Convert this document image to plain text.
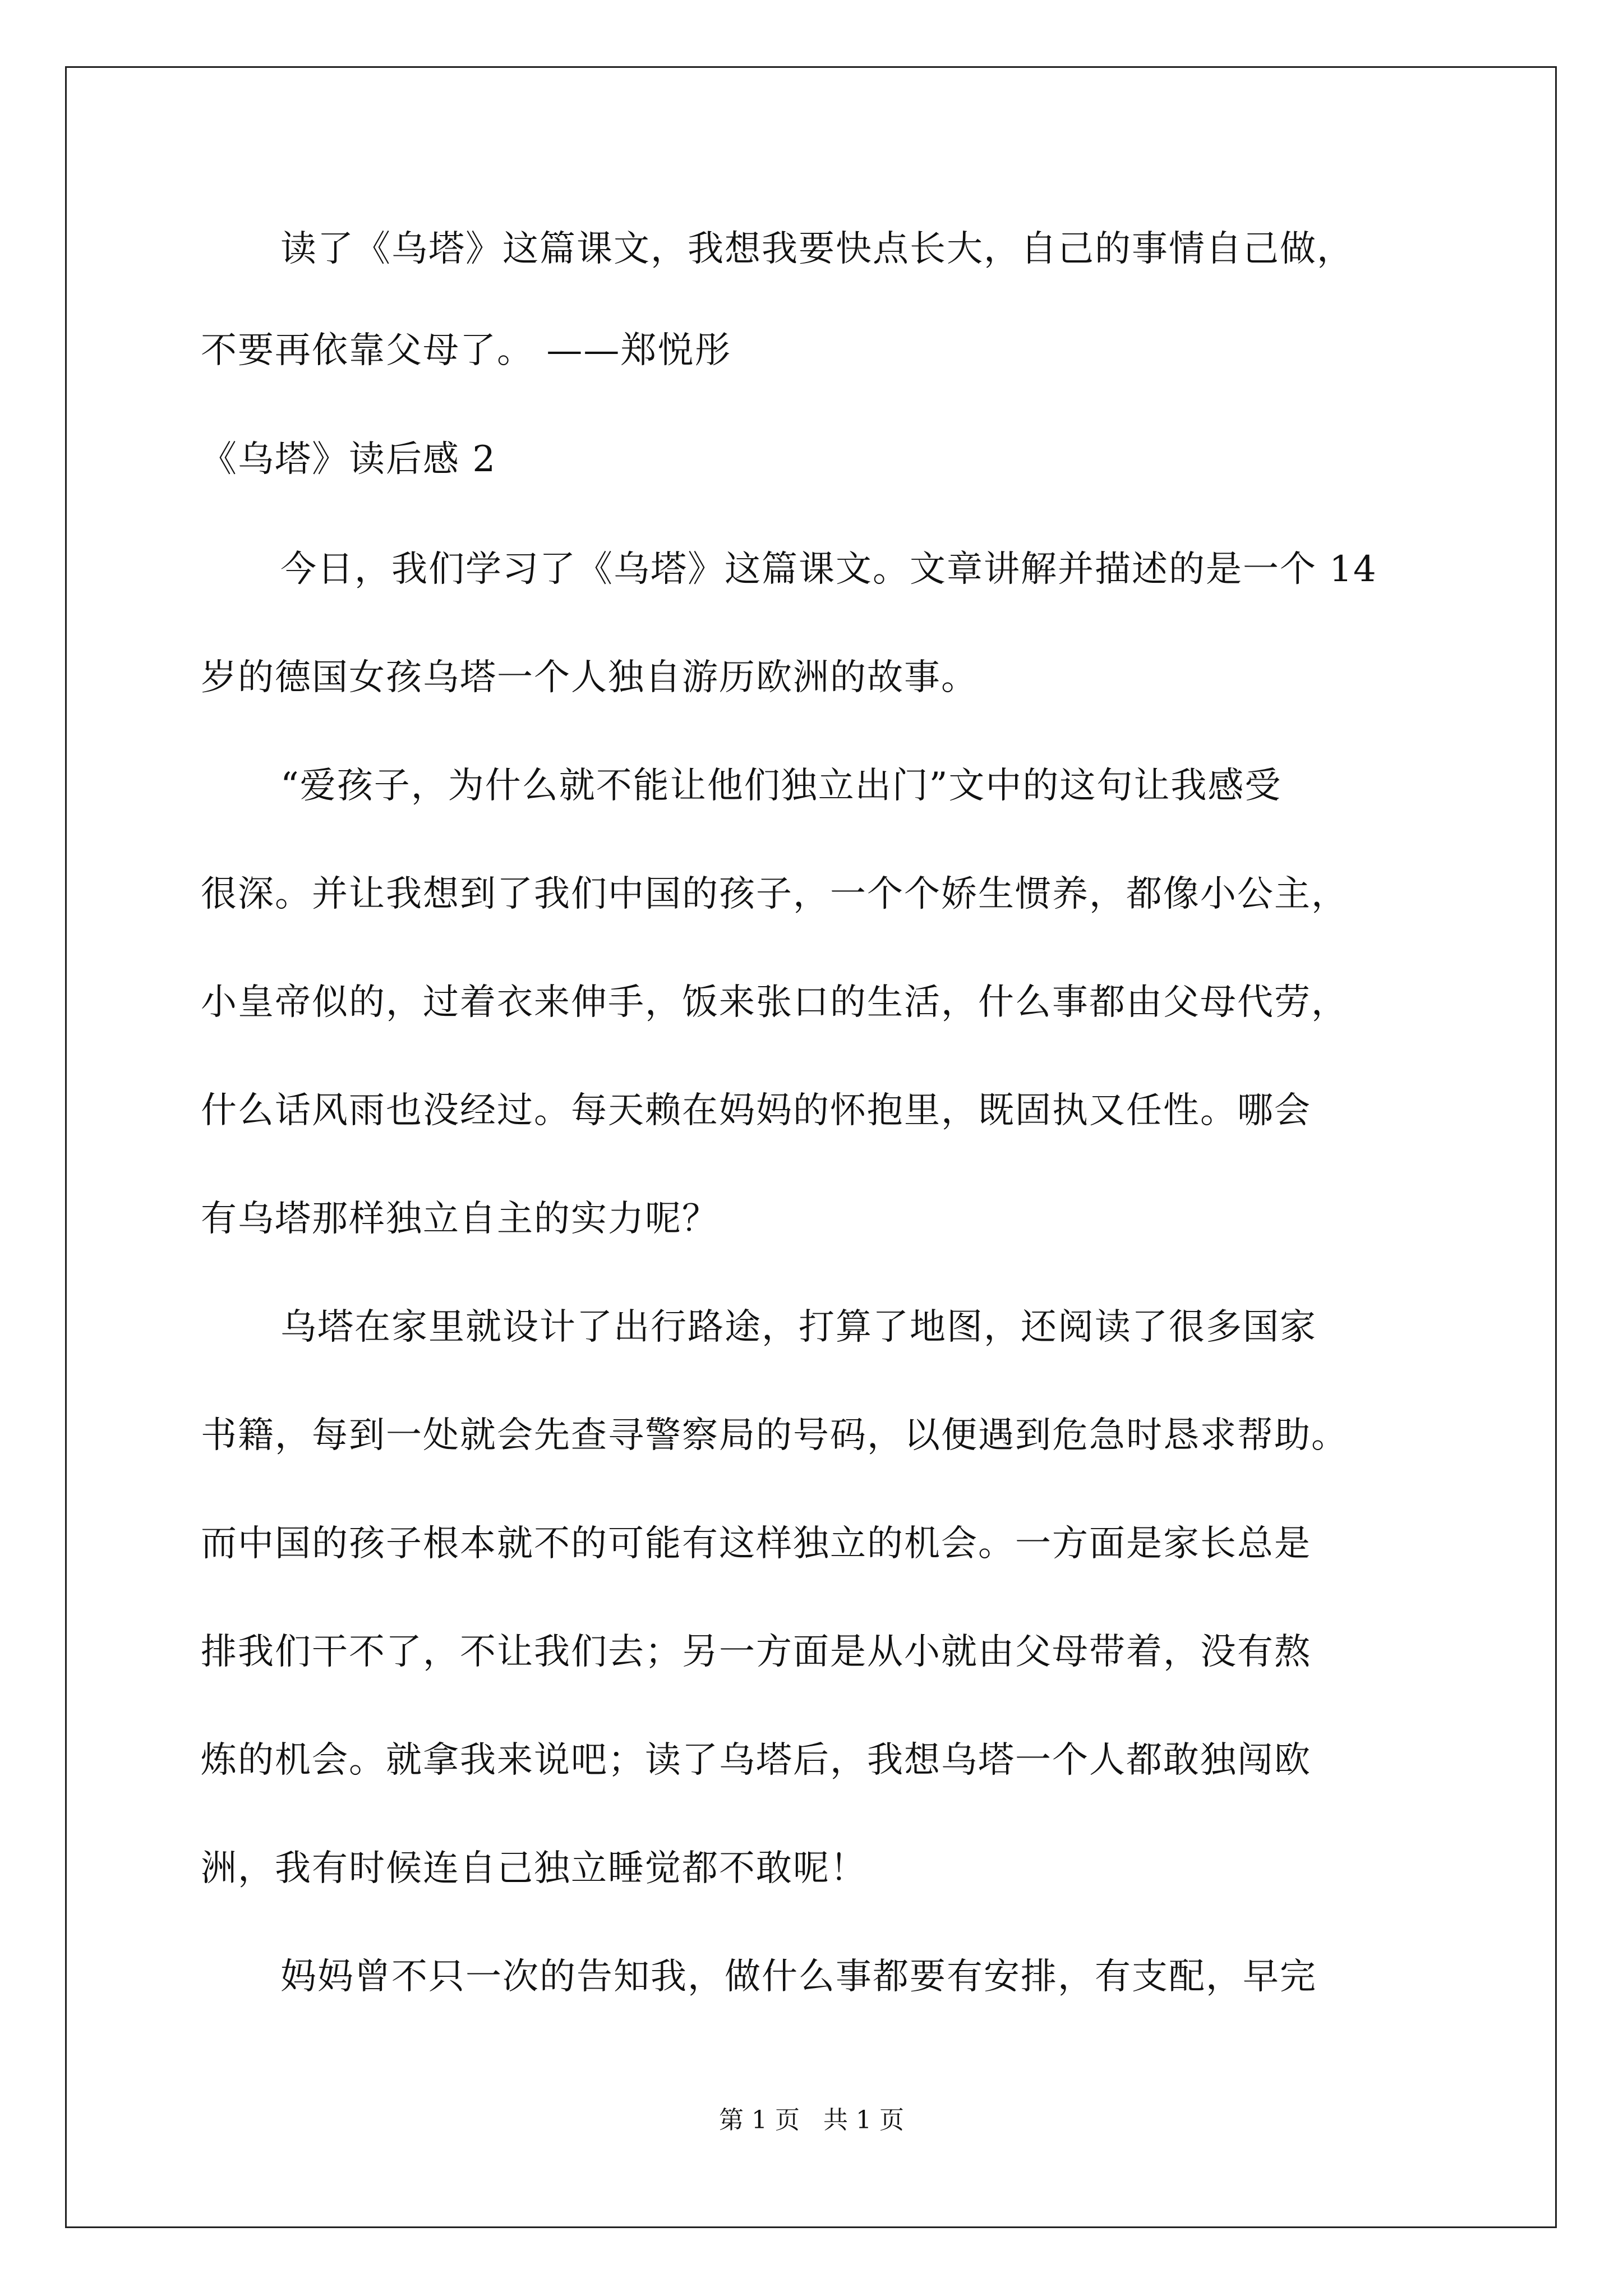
读了《乌塔》这篇课文，我想我要快点长大，自己的事情自己做，
不要再依靠父母了。 ——郑悦彤
《乌塔》读后感 2
今日，我们学习了《乌塔》这篇课文。文章讲解并描述的是一个 14
岁的德国女孩乌塔一个人独自游历欧洲的故事。
“爱孩子，为什么就不能让他们独立出门”文中的这句让我感受
很深。并让我想到了我们中国的孩子，一个个娇生惯养，都像小公主，
小皇帝似的，过着衣来伸手，饭来张口的生活，什么事都由父母代劳，
什么话风雨也没经过。每天赖在妈妈的怀抱里，既固执又任性。哪会
有乌塔那样独立自主的实力呢？
乌塔在家里就设计了出行路途，打算了地图，还阅读了很多国家
书籍，每到一处就会先查寻警察局的号码，以便遇到危急时恳求帮助。
而中国的孩子根本就不的可能有这样独立的机会。一方面是家长总是
排我们干不了，不让我们去；另一方面是从小就由父母带着，没有熬
炼的机会。就拿我来说吧；读了乌塔后，我想乌塔一个人都敢独闯欧
洲，我有时候连自己独立睡觉都不敢呢！
妈妈曾不只一次的告知我，做什么事都要有安排，有支配，早完
第 1 页   共 1 页
